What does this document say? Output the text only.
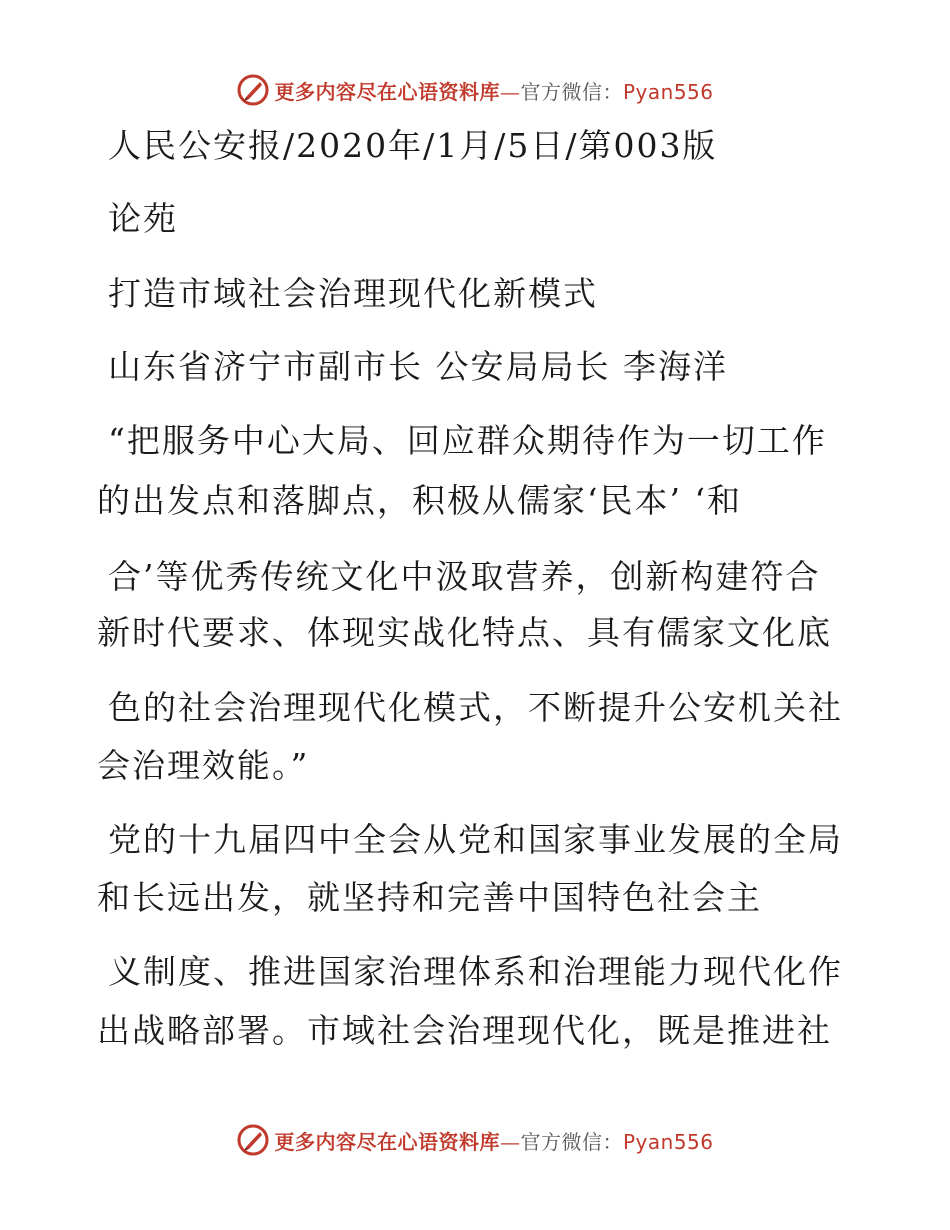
更多内容尽在心语资料库—官方微信：Pyan556
人民公安报/2020年/1月/5日/第003版
论苑
打造市域社会治理现代化新模式
山东省济宁市副市长 公安局局长 李海洋
“把服务中心大局、回应群众期待作为一切工作
的出发点和落脚点，积极从儒家‘民本’ ‘和
合’等优秀传统文化中汲取营养，创新构建符合
新时代要求、体现实战化特点、具有儒家文化底
色的社会治理现代化模式，不断提升公安机关社
会治理效能。”
党的十九届四中全会从党和国家事业发展的全局
和长远出发，就坚持和完善中国特色社会主
义制度、推进国家治理体系和治理能力现代化作
出战略部署。市域社会治理现代化，既是推进社
更多内容尽在心语资料库—官方微信：Pyan556
